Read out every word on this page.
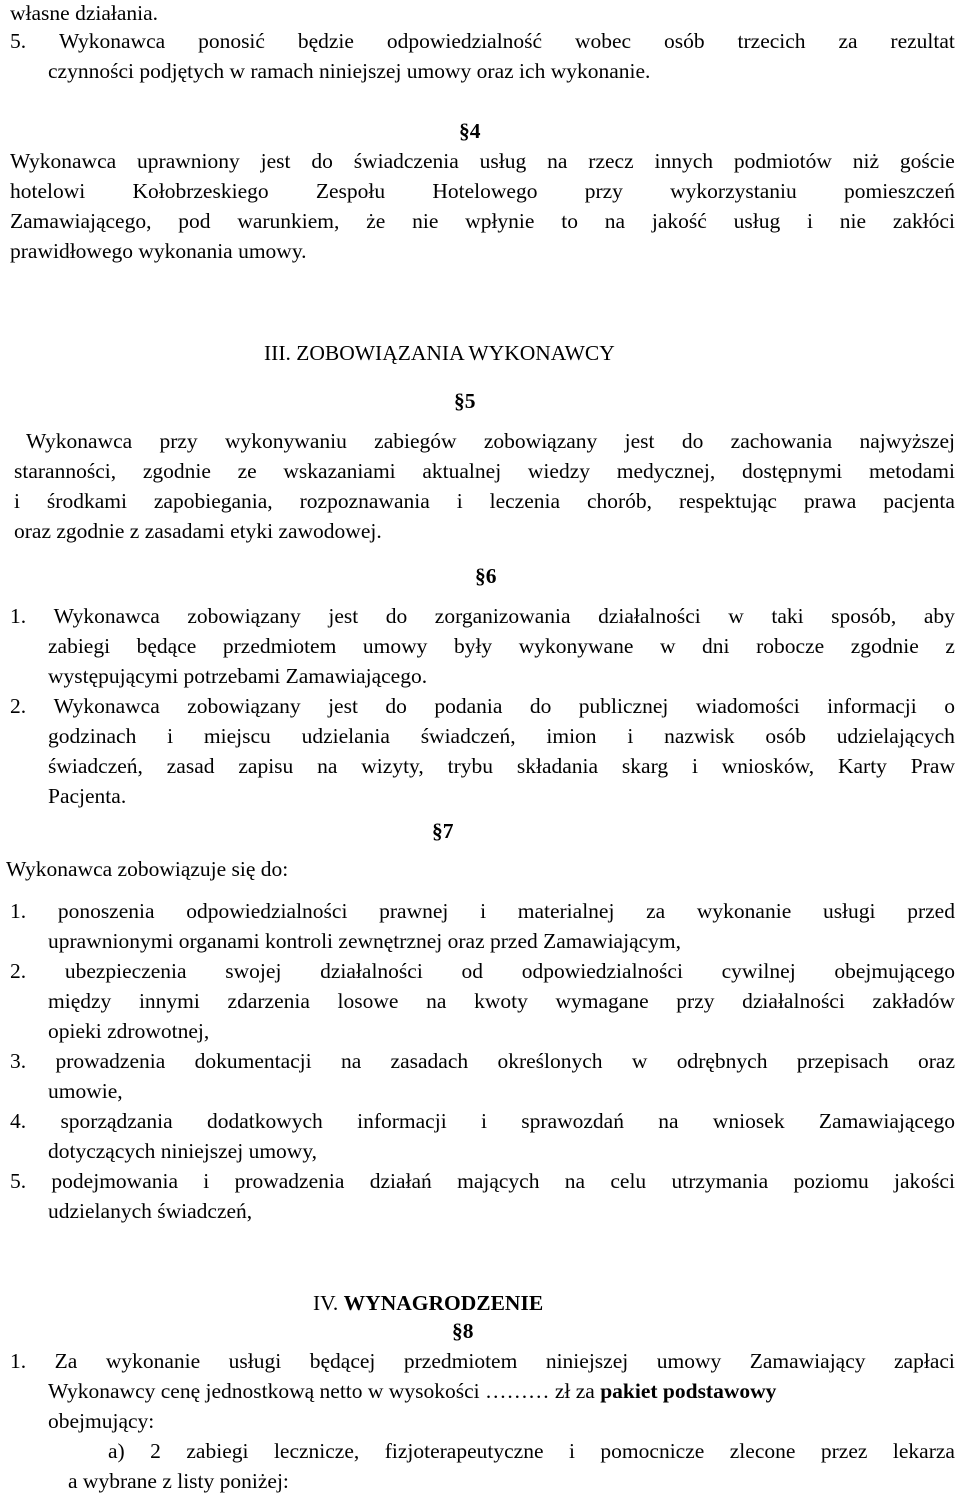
własne działania.
5. Wykonawca ponosić będzie odpowiedzialność wobec osób trzecich za rezultat
czynności podjętych w ramach niniejszej umowy oraz ich wykonanie.
Wykonawca uprawniony jest do świadczenia usług na rzecz innych podmiotów niż goście
hotelowi Kołobrzeskiego Zespołu Hotelowego przy wykorzystaniu pomieszczeń
Zamawiającego, pod warunkiem, że nie wpłynie to na jakość usług i nie zakłóci
prawidłowego wykonania umowy.
Wykonawca przy wykonywaniu zabiegów zobowiązany jest do zachowania najwyższej
staranności, zgodnie ze wskazaniami aktualnej wiedzy medycznej, dostępnymi metodami
i środkami zapobiegania, rozpoznawania i leczenia chorób, respektując prawa pacjenta
oraz zgodnie z zasadami etyki zawodowej.
1. Wykonawca zobowiązany jest do zorganizowania działalności w taki sposób, aby
zabiegi będące przedmiotem umowy były wykonywane w dni robocze zgodnie z
występującymi potrzebami Zamawiającego.
2. Wykonawca zobowiązany jest do podania do publicznej wiadomości informacji o
godzinach i miejscu udzielania świadczeń, imion i nazwisk osób udzielających
świadczeń, zasad zapisu na wizyty, trybu składania skarg i wniosków, Karty Praw
Pacjenta.
Wykonawca zobowiązuje się do:
1. ponoszenia odpowiedzialności prawnej i materialnej za wykonanie usługi przed
uprawnionymi organami kontroli zewnętrznej oraz przed Zamawiającym,
2. ubezpieczenia swojej działalności od odpowiedzialności cywilnej obejmującego
między innymi zdarzenia losowe na kwoty wymagane przy działalności zakładów
opieki zdrowotnej,
3. prowadzenia dokumentacji na zasadach określonych w odrębnych przepisach oraz
umowie,
4. sporządzania dodatkowych informacji i sprawozdań na wniosek Zamawiającego
dotyczących niniejszej umowy,
5. podejmowania i prowadzenia działań mających na celu utrzymania poziomu jakości
udzielanych świadczeń,
1. Za wykonanie usługi będącej przedmiotem niniejszej umowy Zamawiający zapłaci
obejmujący:
a) 2 zabiegi lecznicze, fizjoterapeutyczne i pomocnicze zlecone przez lekarza
a wybrane z listy poniżej:
§4
III. ZOBOWIĄZANIA WYKONAWCY
§5
§6
§7
§8
IV. WYNAGRODZENIE
Wykonawcy cenę jednostkową netto w wysokości ……… zł za pakiet podstawowy
